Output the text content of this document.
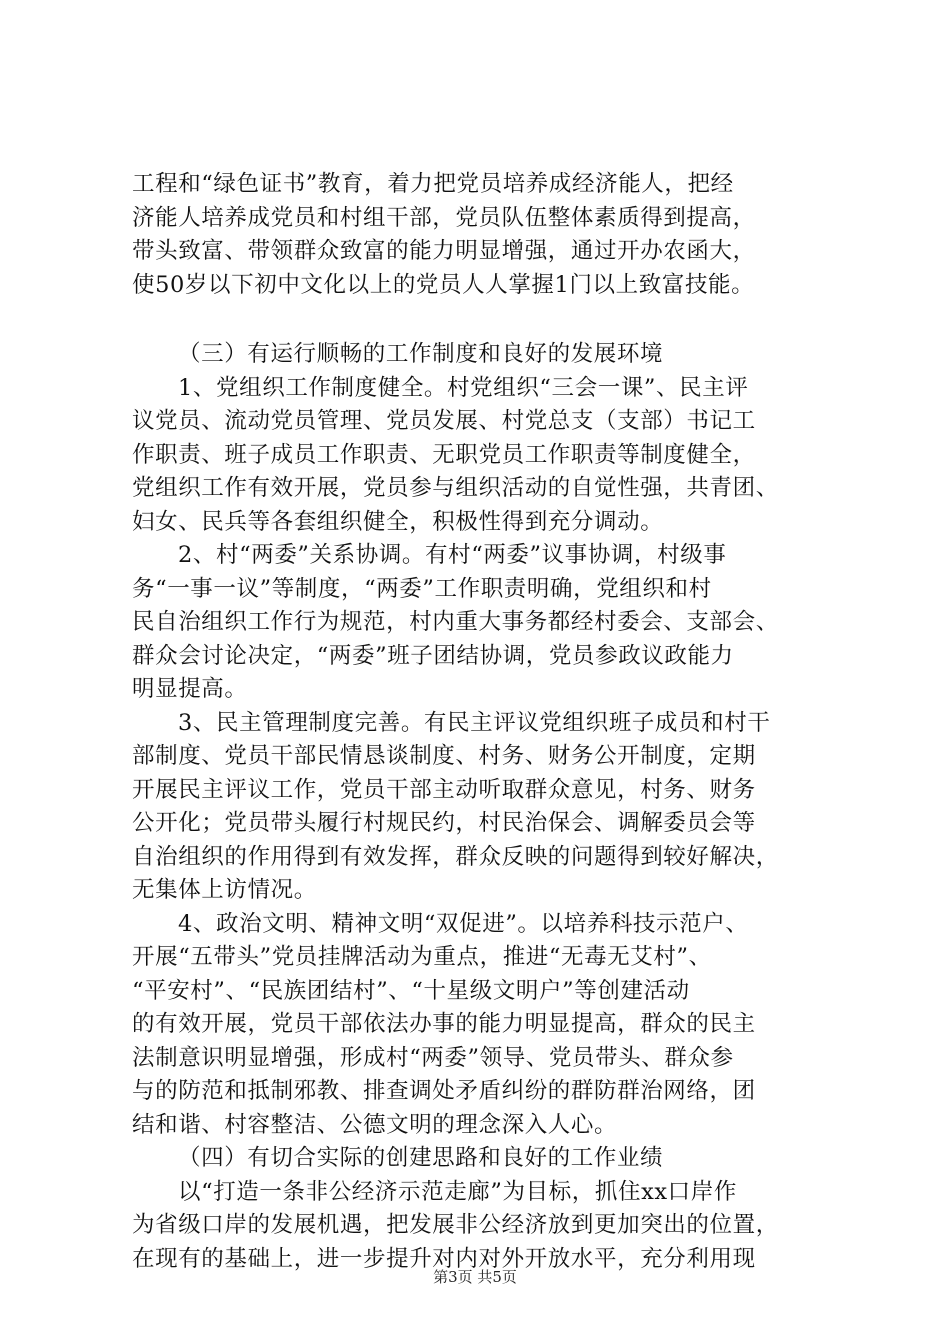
工程和“绿色证书”教育，着力把党员培养成经济能人，把经
济能人培养成党员和村组干部，党员队伍整体素质得到提高，
带头致富、带领群众致富的能力明显增强，通过开办农函大，
使50岁以下初中文化以上的党员人人掌握1门以上致富技能。
（三）有运行顺畅的工作制度和良好的发展环境
1、党组织工作制度健全。村党组织“三会一课”、民主评
议党员、流动党员管理、党员发展、村党总支（支部）书记工
作职责、班子成员工作职责、无职党员工作职责等制度健全，
党组织工作有效开展，党员参与组织活动的自觉性强，共青团、
妇女、民兵等各套组织健全，积极性得到充分调动。
2、村“两委”关系协调。有村“两委”议事协调，村级事
务“一事一议”等制度，“两委”工作职责明确，党组织和村
民自治组织工作行为规范，村内重大事务都经村委会、支部会、
群众会讨论决定，“两委”班子团结协调，党员参政议政能力
明显提高。
3、民主管理制度完善。有民主评议党组织班子成员和村干
部制度、党员干部民情恳谈制度、村务、财务公开制度，定期
开展民主评议工作，党员干部主动听取群众意见，村务、财务
公开化；党员带头履行村规民约，村民治保会、调解委员会等
自治组织的作用得到有效发挥，群众反映的问题得到较好解决，
无集体上访情况。
4、政治文明、精神文明“双促进”。以培养科技示范户、
开展“五带头”党员挂牌活动为重点，推进“无毒无艾村”、
“平安村”、“民族团结村”、“十星级文明户”等创建活动
的有效开展，党员干部依法办事的能力明显提高，群众的民主
法制意识明显增强，形成村“两委”领导、党员带头、群众参
与的防范和抵制邪教、排查调处矛盾纠纷的群防群治网络，团
结和谐、村容整洁、公德文明的理念深入人心。
（四）有切合实际的创建思路和良好的工作业绩
以“打造一条非公经济示范走廊”为目标，抓住xx口岸作
为省级口岸的发展机遇，把发展非公经济放到更加突出的位置，
在现有的基础上，进一步提升对内对外开放水平，充分利用现
第3页 共5页
